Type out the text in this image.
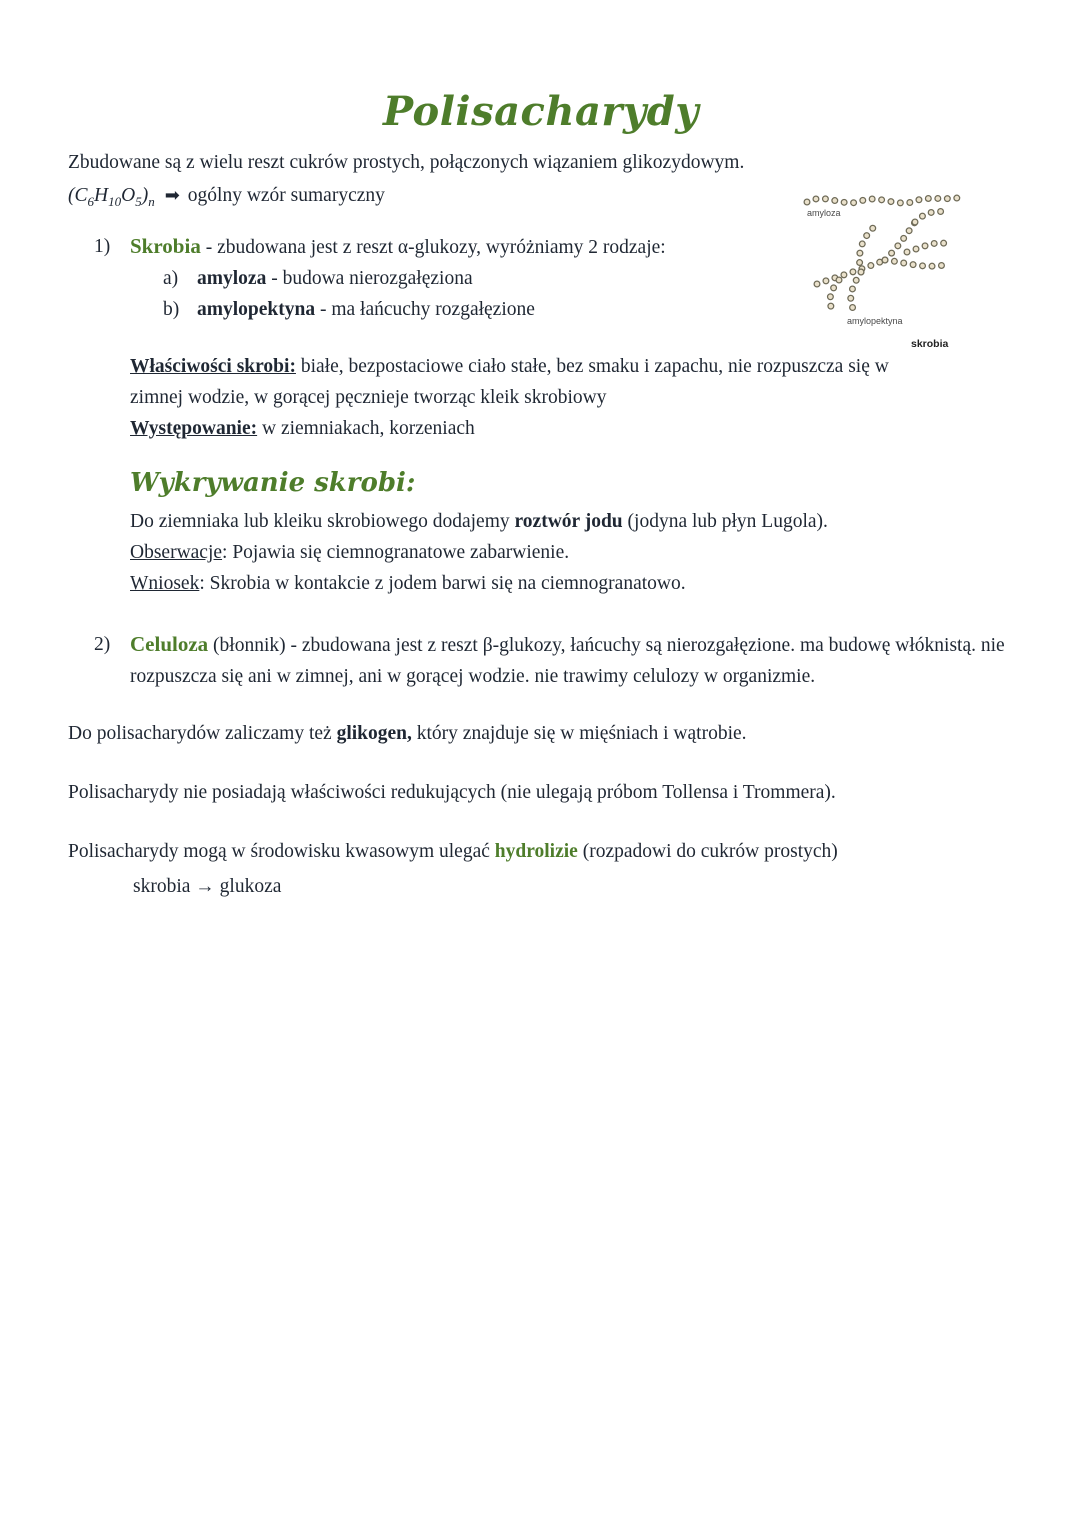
Polisacharydy

Zbudowane są z wielu reszt cukrów prostych, połączonych wiązaniem glikozydowym.

$(C_6H_{10}O_5)_n$ ➡ ogólny wzór sumaryczny

1) Skrobia - zbudowana jest z reszt α-glukozy, wyróżniamy 2 rodzaje:
a) amyloza - budowa nierozgałęziona
b) amylopektyna - ma łańcuchy rozgałęzione

Właściwości skrobi: białe, bezpostaciowe ciało stałe, bez smaku i zapachu, nie rozpuszcza się w zimnej wodzie, w gorącej pęcznieje tworząc kleik skrobiowy
Występowanie: w ziemniakach, korzeniach

Wykrywanie skrobi:

Do ziemniaka lub kleiku skrobiowego dodajemy roztwór jodu (jodyna lub płyn Lugola).

Obserwacje: Pojawia się ciemnogranatowe zabarwienie.

Wniosek: Skrobia w kontakcie z jodem barwi się na ciemnogranatowo.

2) Celuloza (błonnik) - zbudowana jest z reszt β-glukozy, łańcuchy są nierozgałęzione. ma budowę włóknistą. nie rozpuszcza się ani w zimnej, ani w gorącej wodzie. nie trawimy celulozy w organizmie.

Do polisacharydów zaliczamy też glikogen, który znajduje się w mięśniach i wątrobie.

Polisacharydy nie posiadają właściwości redukujących (nie ulegają próbom Tollensa i Trommera).

Polisacharydy mogą w środowisku kwasowym ulegać hydrolizie (rozpadowi do cukrów prostych)

skrobia → glukoza

amyloza
amylopektyna
skrobia
